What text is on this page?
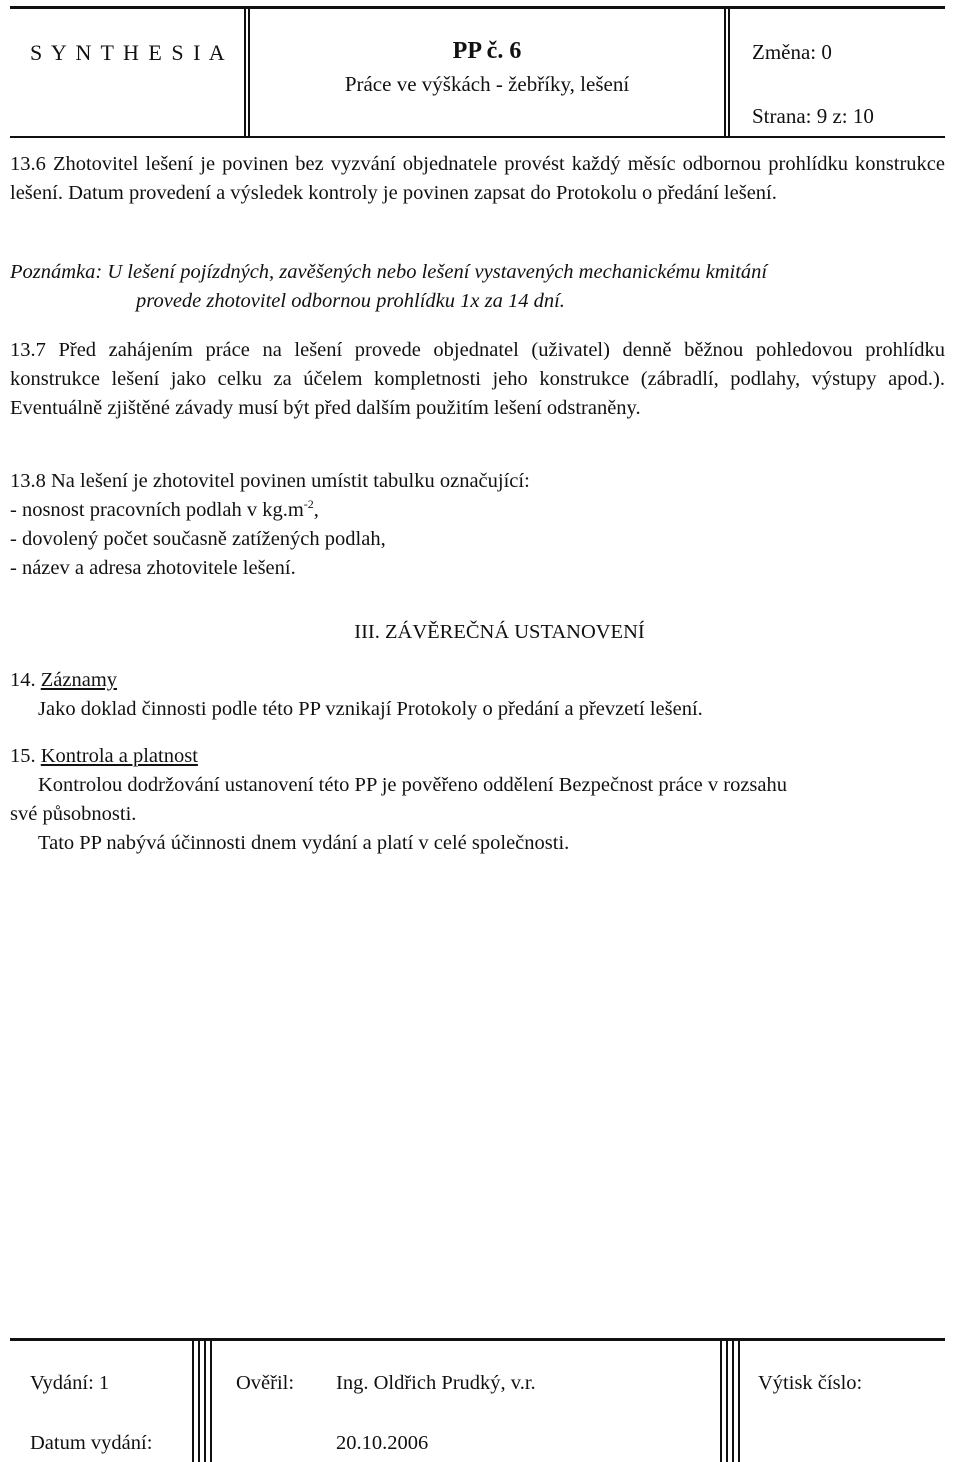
S Y N T H E S I A	PP č. 6
Práce ve výškách - žebříky, lešení
Změna: 0
Strana: 9 z: 10
13.6 Zhotovitel lešení je povinen bez vyzvání objednatele provést každý měsíc odbornou prohlídku konstrukce lešení. Datum provedení a výsledek kontroly je povinen zapsat do Protokolu o předání lešení.
Poznámka: U lešení pojízdných, zavěšených nebo lešení vystavených mechanickému kmitání
provede zhotovitel odbornou prohlídku 1x za 14 dní.
13.7 Před zahájením práce na lešení provede objednatel (uživatel) denně běžnou pohledovou prohlídku konstrukce lešení jako celku za účelem kompletnosti jeho konstrukce (zábradlí, podlahy, výstupy apod.). Eventuálně zjištěné závady musí být před dalším použitím lešení odstraněny.
13.8 Na lešení je zhotovitel povinen umístit tabulku označující:
- nosnost pracovních podlah v $kg.m^{-2}$,
- dovolený počet současně zatížených podlah,
- název a adresa zhotovitele lešení.
III. ZÁVĚREČNÁ USTANOVENÍ
14. Záznamy
Jako doklad činnosti podle této PP vznikají Protokoly o předání a převzetí lešení.
15. Kontrola a platnost
Kontrolou dodržování ustanovení této PP je pověřeno oddělení Bezpečnost práce v rozsahu
své působnosti.
Tato PP nabývá účinnosti dnem vydání a platí v celé společnosti.
Vydání: 1	Ověřil: Ing. Oldřich Prudký, v.r.	Výtisk číslo:
Datum vydání:	20.10.2006
